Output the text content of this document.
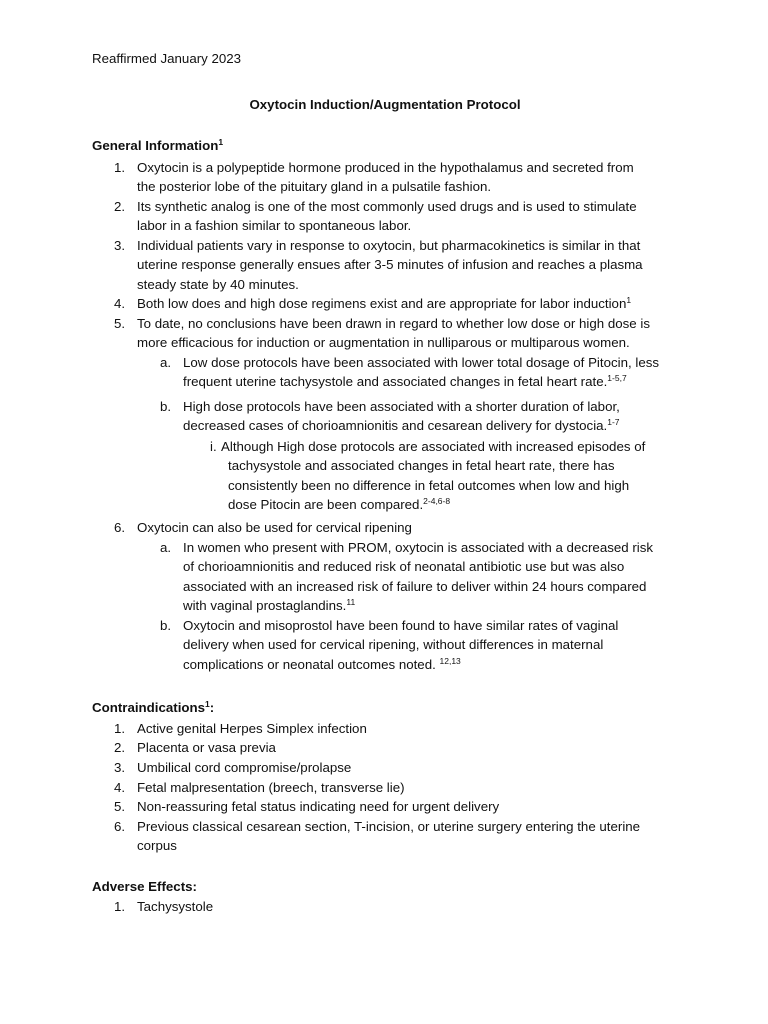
Reaffirmed January 2023
Oxytocin Induction/Augmentation Protocol
General Information$^1$
1. Oxytocin is a polypeptide hormone produced in the hypothalamus and secreted from
the posterior lobe of the pituitary gland in a pulsatile fashion.
2. Its synthetic analog is one of the most commonly used drugs and is used to stimulate
labor in a fashion similar to spontaneous labor.
3. Individual patients vary in response to oxytocin, but pharmacokinetics is similar in that
uterine response generally ensues after 3-5 minutes of infusion and reaches a plasma
steady state by 40 minutes.
4. Both low does and high dose regimens exist and are appropriate for labor induction$^1$
5. To date, no conclusions have been drawn in regard to whether low dose or high dose is
more efficacious for induction or augmentation in nulliparous or multiparous women.
a. Low dose protocols have been associated with lower total dosage of Pitocin, less
frequent uterine tachysystole and associated changes in fetal heart rate.$^{1-5,7}$
b. High dose protocols have been associated with a shorter duration of labor,
decreased cases of chorioamnionitis and cesarean delivery for dystocia.$^{1-7}$
i. Although High dose protocols are associated with increased episodes of
tachysystole and associated changes in fetal heart rate, there has
consistently been no difference in fetal outcomes when low and high
dose Pitocin are been compared.$^{2-4,6-8}$
6. Oxytocin can also be used for cervical ripening
a. In women who present with PROM, oxytocin is associated with a decreased risk
of chorioamnionitis and reduced risk of neonatal antibiotic use but was also
associated with an increased risk of failure to deliver within 24 hours compared
with vaginal prostaglandins.$^{11}$
b. Oxytocin and misoprostol have been found to have similar rates of vaginal
delivery when used for cervical ripening, without differences in maternal
complications or neonatal outcomes noted. $^{12,13}$
Contraindications$^1$:
1. Active genital Herpes Simplex infection
2. Placenta or vasa previa
3. Umbilical cord compromise/prolapse
4. Fetal malpresentation (breech, transverse lie)
5. Non-reassuring fetal status indicating need for urgent delivery
6. Previous classical cesarean section, T-incision, or uterine surgery entering the uterine
corpus
Adverse Effects:
1. Tachysystole
